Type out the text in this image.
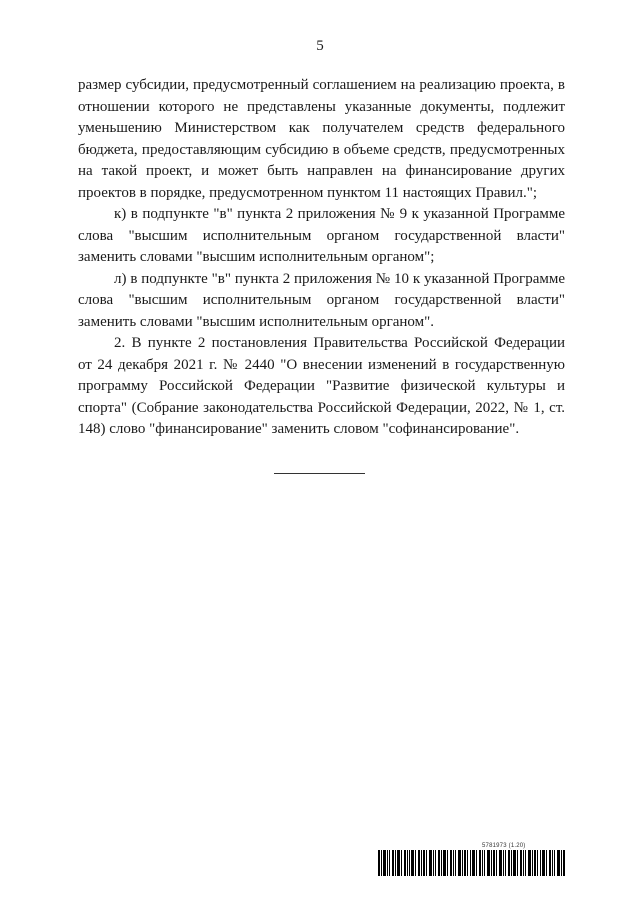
5

размер субсидии, предусмотренный соглашением на реализацию проекта, в отношении которого не представлены указанные документы, подлежит уменьшению Министерством как получателем средств федерального бюджета, предоставляющим субсидию в объеме средств, предусмотренных на такой проект, и может быть направлен на финансирование других проектов в порядке, предусмотренном пунктом 11 настоящих Правил.";

к) в подпункте "в" пункта 2 приложения № 9 к указанной Программе слова "высшим исполнительным органом государственной власти" заменить словами "высшим исполнительным органом";

л) в подпункте "в" пункта 2 приложения № 10 к указанной Программе слова "высшим исполнительным органом государственной власти" заменить словами "высшим исполнительным органом".

2. В пункте 2 постановления Правительства Российской Федерации от 24 декабря 2021 г. № 2440 "О внесении изменений в государственную программу Российской Федерации "Развитие физической культуры и спорта" (Собрание законодательства Российской Федерации, 2022, № 1, ст. 148) слово "финансирование" заменить словом "софинансирование".

5781973 (1.20)
